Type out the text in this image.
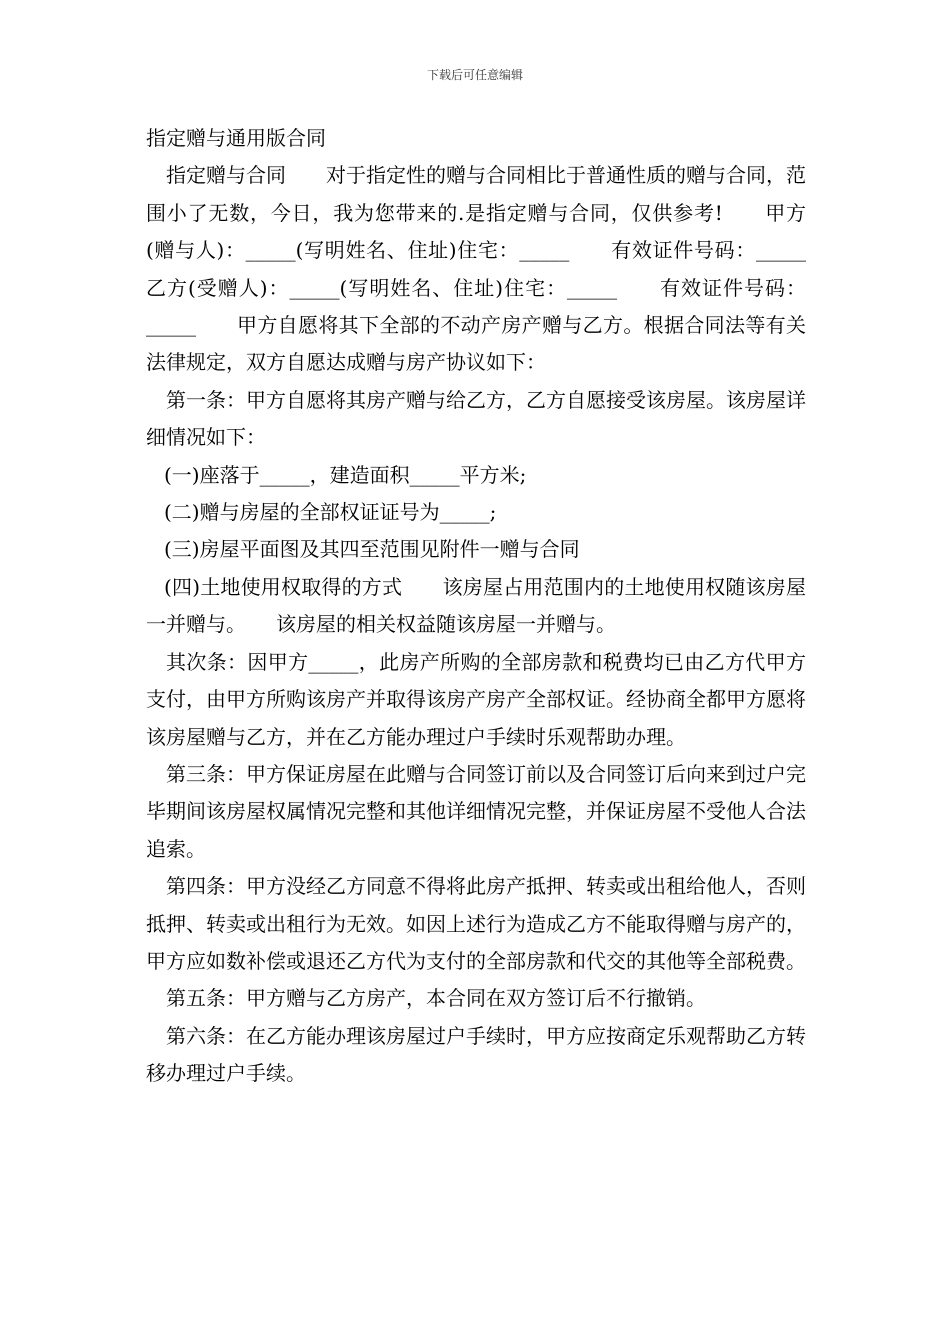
下载后可任意编辑

指定赠与通用版合同

指定赠与合同　　对于指定性的赠与合同相比于普通性质的赠与合同，范围小了无数，今日，我为您带来的.是指定赠与合同，仅供参考!　　甲方(赠与人)：_____(写明姓名、住址)住宅：_____　　有效证件号码：_____　　乙方(受赠人)：_____(写明姓名、住址)住宅：_____　　有效证件号码：_____　　甲方自愿将其下全部的不动产房产赠与乙方。根据合同法等有关法律规定，双方自愿达成赠与房产协议如下：

第一条：甲方自愿将其房产赠与给乙方，乙方自愿接受该房屋。该房屋详细情况如下：

(一)座落于_____，建造面积_____平方米;

(二)赠与房屋的全部权证证号为_____;

(三)房屋平面图及其四至范围见附件一赠与合同

(四)土地使用权取得的方式　　该房屋占用范围内的土地使用权随该房屋一并赠与。　　该房屋的相关权益随该房屋一并赠与。

其次条：因甲方_____，此房产所购的全部房款和税费均已由乙方代甲方支付，由甲方所购该房产并取得该房产房产全部权证。经协商全都甲方愿将该房屋赠与乙方，并在乙方能办理过户手续时乐观帮助办理。

第三条：甲方保证房屋在此赠与合同签订前以及合同签订后向来到过户完毕期间该房屋权属情况完整和其他详细情况完整，并保证房屋不受他人合法追索。

第四条：甲方没经乙方同意不得将此房产抵押、转卖或出租给他人，否则抵押、转卖或出租行为无效。如因上述行为造成乙方不能取得赠与房产的，甲方应如数补偿或退还乙方代为支付的全部房款和代交的其他等全部税费。

第五条：甲方赠与乙方房产，本合同在双方签订后不行撤销。

第六条：在乙方能办理该房屋过户手续时，甲方应按商定乐观帮助乙方转移办理过户手续。
